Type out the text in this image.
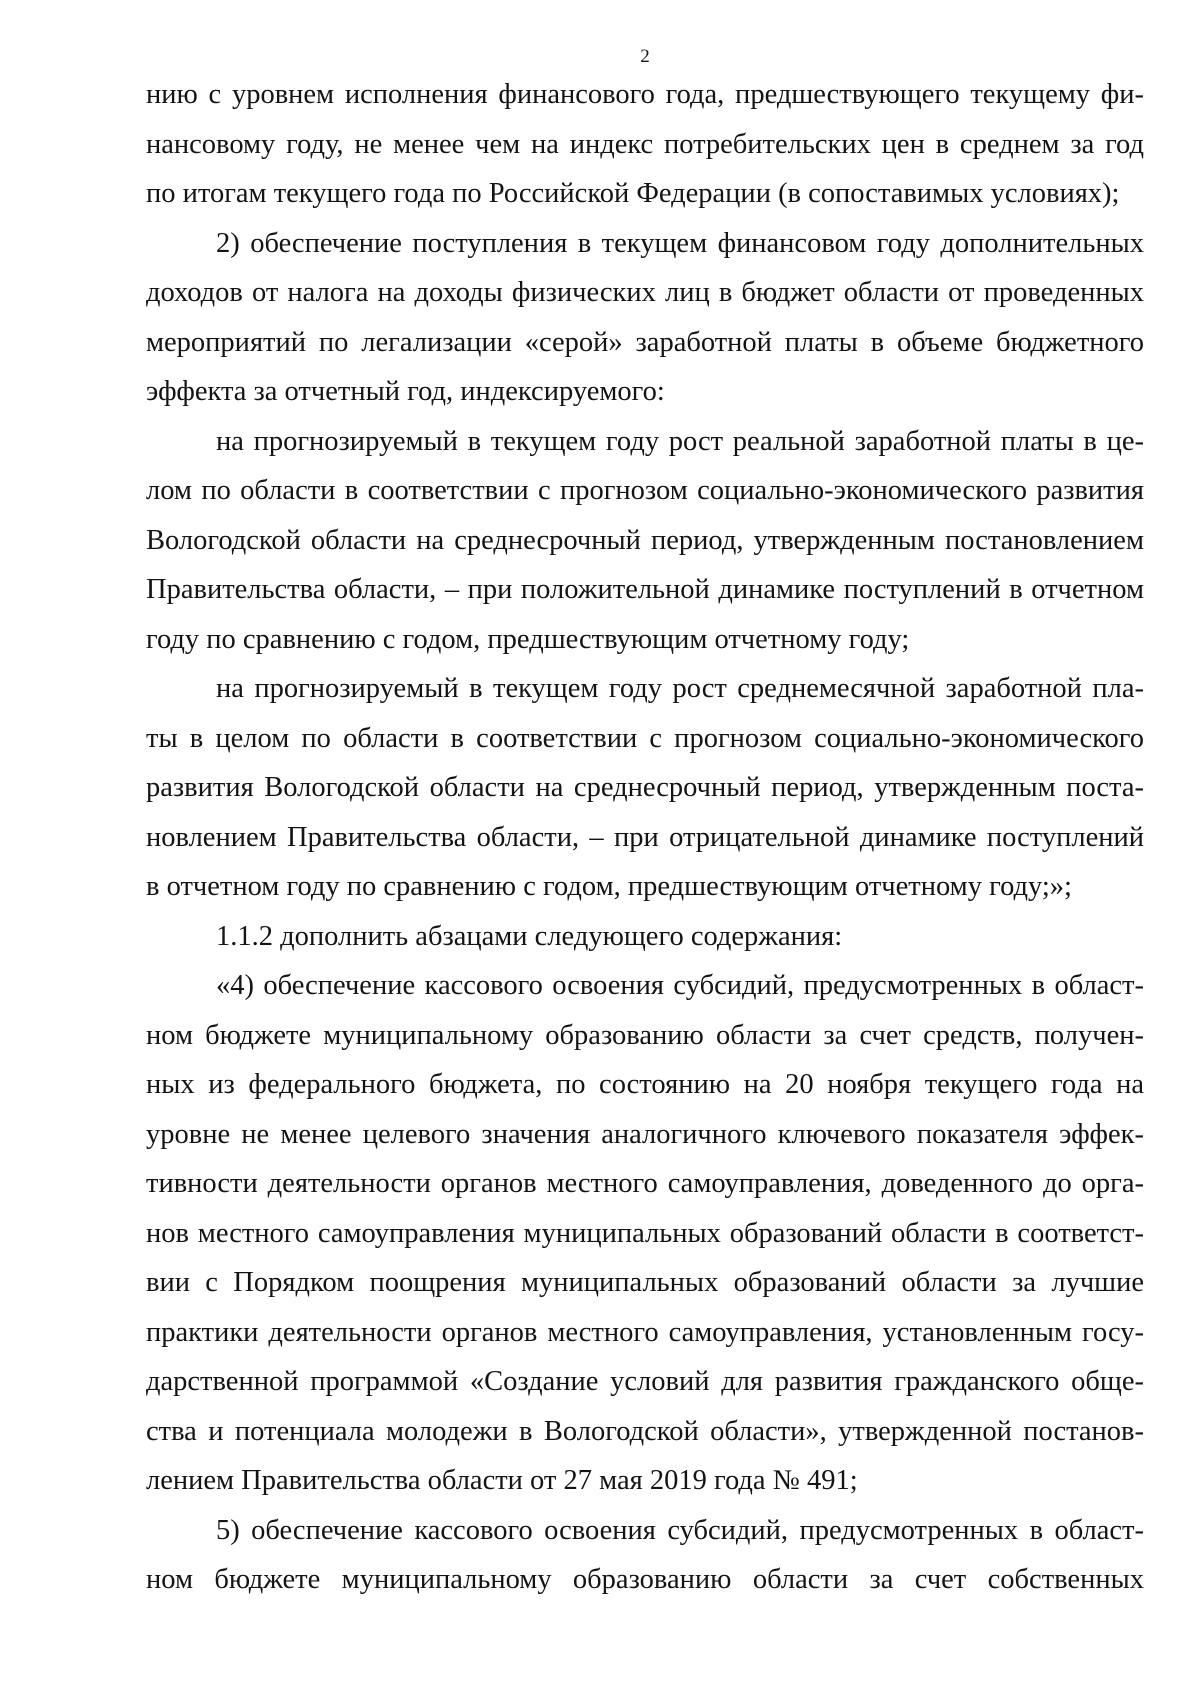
2
нию с уровнем исполнения финансового года, предшествующего текущему фи-
нансовому году, не менее чем на индекс потребительских цен в среднем за год
по итогам текущего года по Российской Федерации (в сопоставимых условиях);
2) обеспечение поступления в текущем финансовом году дополнительных
доходов от налога на доходы физических лиц в бюджет области от проведенных
мероприятий по легализации «серой» заработной платы в объеме бюджетного
эффекта за отчетный год, индексируемого:
на прогнозируемый в текущем году рост реальной заработной платы в це-
лом по области в соответствии с прогнозом социально-экономического развития
Вологодской области на среднесрочный период, утвержденным постановлением
Правительства области, – при положительной динамике поступлений в отчетном
году по сравнению с годом, предшествующим отчетному году;
на прогнозируемый в текущем году рост среднемесячной заработной пла-
ты в целом по области в соответствии с прогнозом социально-экономического
развития Вологодской области на среднесрочный период, утвержденным поста-
новлением Правительства области, – при отрицательной динамике поступлений
в отчетном году по сравнению с годом, предшествующим отчетному году;»;
1.1.2 дополнить абзацами следующего содержания:
«4) обеспечение кассового освоения субсидий, предусмотренных в област-
ном бюджете муниципальному образованию области за счет средств, получен-
ных из федерального бюджета, по состоянию на 20 ноября текущего года на
уровне не менее целевого значения аналогичного ключевого показателя эффек-
тивности деятельности органов местного самоуправления, доведенного до орга-
нов местного самоуправления муниципальных образований области в соответст-
вии с Порядком поощрения муниципальных образований области за лучшие
практики деятельности органов местного самоуправления, установленным госу-
дарственной программой «Создание условий для развития гражданского обще-
ства и потенциала молодежи в Вологодской области», утвержденной постанов-
лением Правительства области от 27 мая 2019 года № 491;
5) обеспечение кассового освоения субсидий, предусмотренных в област-
ном бюджете муниципальному образованию области за счет собственных
